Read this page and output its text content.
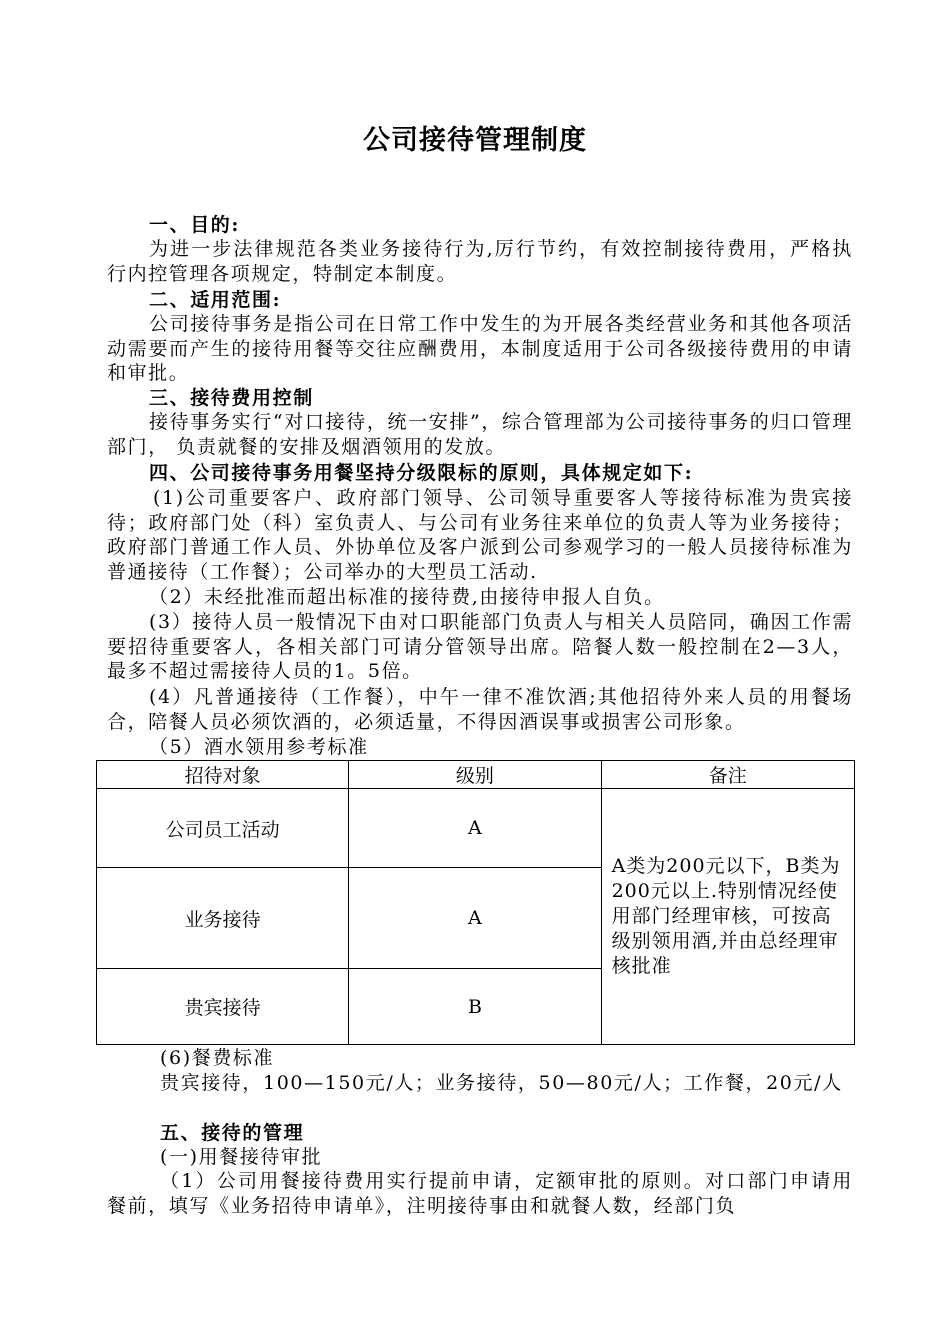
公司接待管理制度
一、目的:
为进一步法律规范各类业务接待行为,厉行节约，有效控制接待费用，严格执行内控管理各项规定，特制定本制度。
二、适用范围:
公司接待事务是指公司在日常工作中发生的为开展各类经营业务和其他各项活动需要而产生的接待用餐等交往应酬费用，本制度适用于公司各级接待费用的申请和审批。
三、接待费用控制
接待事务实行“对口接待，统一安排”，综合管理部为公司接待事务的归口管理部门， 负责就餐的安排及烟酒领用的发放。
四、公司接待事务用餐坚持分级限标的原则，具体规定如下:
(1)公司重要客户、政府部门领导、公司领导重要客人等接待标准为贵宾接待；政府部门处（科）室负责人、与公司有业务往来单位的负责人等为业务接待；政府部门普通工作人员、外协单位及客户派到公司参观学习的一般人员接待标准为普通接待（工作餐）；公司举办的大型员工活动.
（2）未经批准而超出标准的接待费,由接待申报人自负。
(3）接待人员一般情况下由对口职能部门负责人与相关人员陪同，确因工作需要招待重要客人，各相关部门可请分管领导出席。陪餐人数一般控制在2—3人，最多不超过需接待人员的1。5倍。
(4）凡普通接待（工作餐），中午一律不准饮酒;其他招待外来人员的用餐场合，陪餐人员必须饮酒的，必须适量，不得因酒误事或损害公司形象。
（5）酒水领用参考标准
招待对象	级别	备注
公司员工活动	A	A类为200元以下，B类为200元以上.特别情况经使用部门经理审核，可按高级别领用酒,并由总经理审核批准
业务接待	A	
贵宾接待	B	
(6)餐费标准
贵宾接待，100—150元/人；业务接待，50—80元/人；工作餐，20元/人
五、接待的管理
(一)用餐接待审批
（1）公司用餐接待费用实行提前申请，定额审批的原则。对口部门申请用餐前，填写《业务招待申请单》，注明接待事由和就餐人数，经部门负
